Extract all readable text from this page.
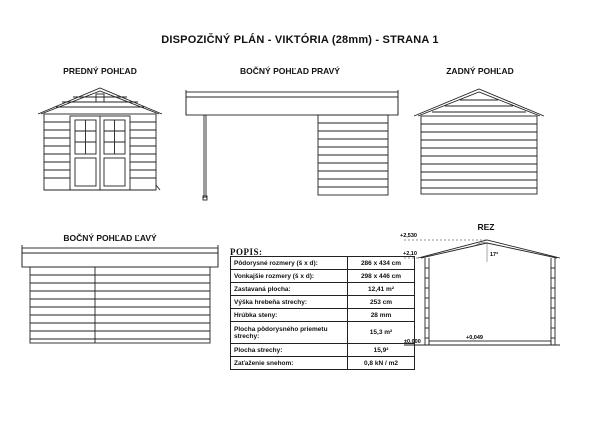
DISPOZIČNÝ PLÁN - VIKTÓRIA (28mm) - STRANA 1
PREDNÝ POHĽAD	BOČNÝ POHĽAD PRAVÝ	ZADNÝ POHĽAD
BOČNÝ POHĽAD ĽAVÝ
REZ
+2,530
+2,10
±0,000
+0,049
17°
POPIS:
Pôdorysné rozmery (š x d):	286 x 434 cm
Vonkajšie rozmery (š x d):	298 x 446 cm
Zastavaná plocha:	12,41 m²
Výška hrebeňa strechy:	253 cm
Hrúbka steny:	28 mm
Plocha pôdorysného priemetu strechy:	15,3 m²
Plocha strechy:	15,9²
Zaťaženie snehom:	0,8 kN / m2
